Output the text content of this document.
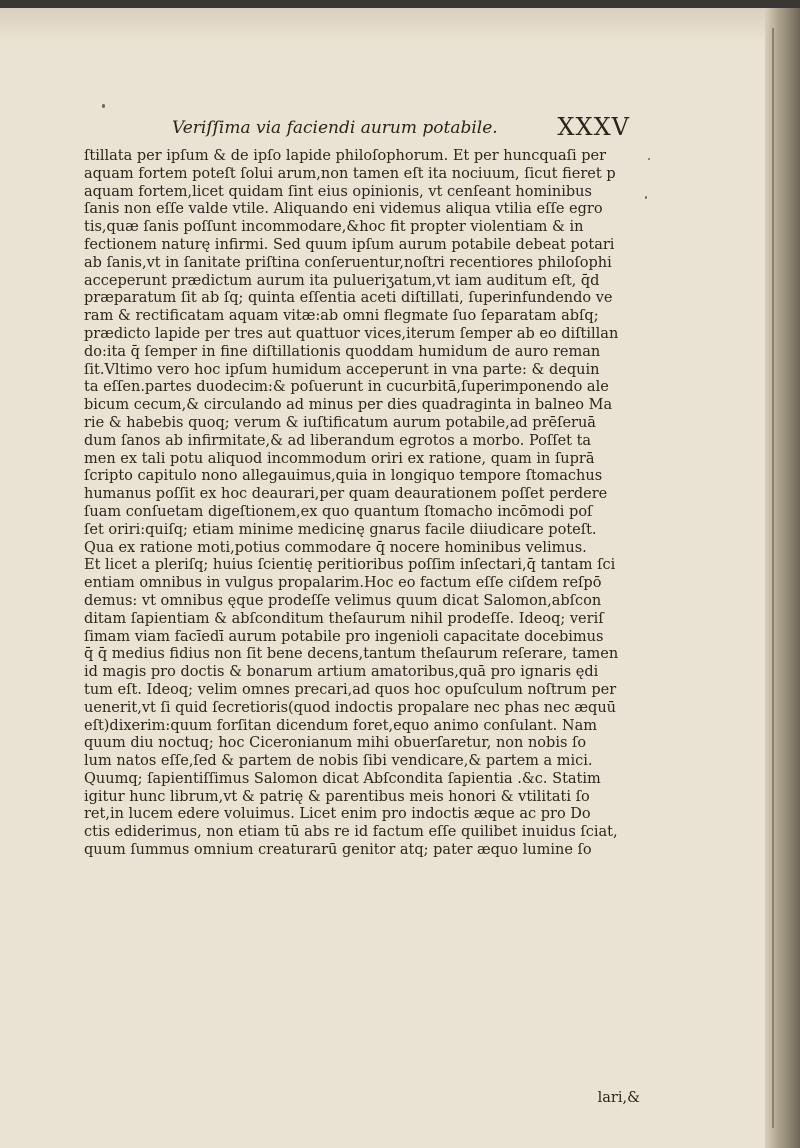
Veriſſima via faciendi aurum potabile.	XXXV
ſtillata per ipſum & de ipſo lapide philoſophorum. Et per huncquaſi per
aquam fortem poteſt ſolui arum,non tamen eſt ita nociuum, ſicut fieret p
aquam fortem,licet quidam ſint eius opinionis, vt cenſeant hominibus
ſanis non eſſe valde vtile. Aliquando eni videmus aliqua vtilia eſſe egro
tis,quæ ſanis poſſunt incommodare,&hoc fit propter violentiam & in
fectionem naturę infirmi. Sed quum ipſum aurum potabile debeat potari
ab ſanis,vt in ſanitate priſtina conſeruentur,noſtri recentiores philoſophi
acceperunt prædictum aurum ita pulueriʒatum,vt iam auditum eſt, q̄d
præparatum ſit ab ſq; quinta eſſentia aceti diſtillati, ſuperinfundendo ve
ram & rectificatam aquam vitæ:ab omni flegmate ſuo ſeparatam abſq;
prædicto lapide per tres aut quattuor vices,iterum ſemper ab eo diſtillan
do:ita q̄ ſemper in fine diſtillationis quoddam humidum de auro reman
ſit.Vltimo vero hoc ipſum humidum acceperunt in vna parte: & dequin
ta eſſen.partes duodecim:& poſuerunt in cucurbitā,ſuperimponendo ale
bicum cecum,& circulando ad minus per dies quadraginta in balneo Ma
rie & habebis quoq; verum & iuſtificatum aurum potabile,ad prēſeruā
dum ſanos ab infirmitate,& ad liberandum egrotos a morbo. Poſſet ta
men ex tali potu aliquod incommodum oriri ex ratione, quam in ſuprā
ſcripto capitulo nono allegauimus,quia in longiquo tempore ſtomachus
humanus poſſit ex hoc deaurari,per quam deaurationem poſſet perdere
ſuam conſuetam digeſtionem,ex quo quantum ſtomacho incōmodi poſ
ſet oriri:quiſq; etiam minime medicinę gnarus facile diiudicare poteſt.
Qua ex ratione moti,potius commodare q̄ nocere hominibus velimus.
Et licet a pleriſq; huius ſcientię peritioribus poſſim inſectari,q̄ tantam ſci
entiam omnibus in vulgus propalarim.Hoc eo factum eſſe ciſdem reſpō
demus: vt omnibus ęque prodeſſe velimus quum dicat Salomon,abſcon
ditam ſapientiam & abſconditum theſaurum nihil prodeſſe. Ideoq; veriſ
ſimam viam facīedī aurum potabile pro ingenioli capacitate docebimus
q̄ q̄ medius fidius non ſit bene decens,tantum theſaurum reſerare, tamen
id magis pro doctis & bonarum artium amatoribus,quā pro ignaris ędi
tum eſt. Ideoq; velim omnes precari,ad quos hoc opuſculum noſtrum per
uenerit,vt ſi quid ſecretioris(quod indoctis propalare nec phas nec æquū
eſt)dixerim:quum forſitan dicendum foret,equo animo conſulant. Nam
quum diu noctuq; hoc Ciceronianum mihi obuerſaretur, non nobis ſo
lum natos eſſe,ſed & partem de nobis ſibi vendicare,& partem a mici.
Quumq; ſapientiſſimus Salomon dicat Abſcondita ſapientia .&c. Statim
igitur hunc librum,vt & patrię & parentibus meis honori & vtilitati ſo
ret,in lucem edere voluimus. Licet enim pro indoctis æque ac pro Do
ctis ediderimus, non etiam tū abs re id factum eſſe quilibet inuidus ſciat,
quum ſummus omnium creaturarū genitor atq; pater æquo lumine ſo
lari,&
